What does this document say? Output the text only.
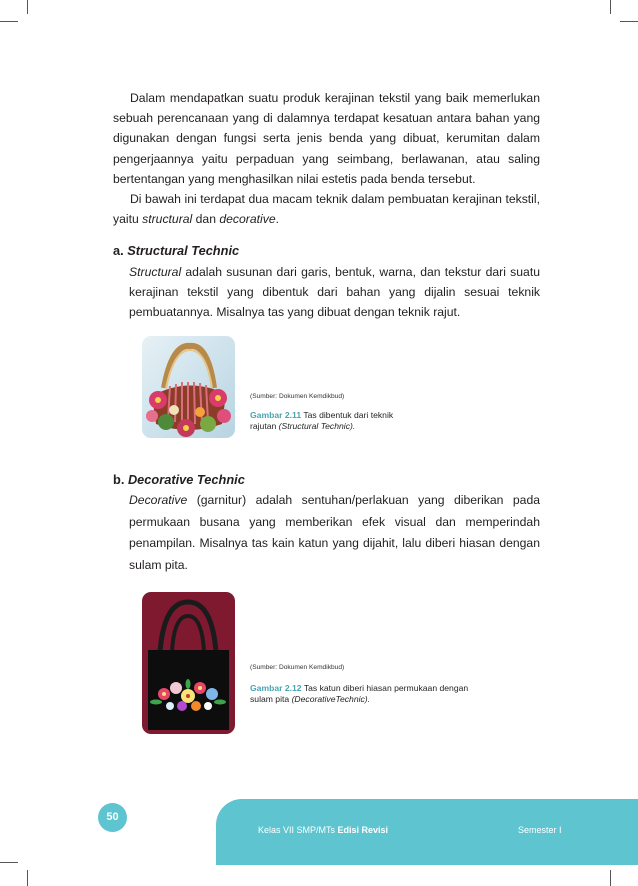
Dalam mendapatkan suatu produk kerajinan tekstil yang baik memerlukan sebuah perencanaan yang di dalamnya terdapat kesatuan antara bahan yang digunakan dengan fungsi serta jenis benda yang dibuat, kerumitan dalam pengerjaannya yaitu perpaduan yang seimbang, berlawanan, atau saling bertentangan yang menghasilkan nilai estetis pada benda tersebut.

Di bawah ini terdapat dua macam teknik dalam pembuatan kerajinan tekstil, yaitu structural dan decorative.

a. Structural Technic

Structural adalah susunan dari garis, bentuk, warna, dan tekstur dari suatu kerajinan tekstil yang dibentuk dari bahan yang dijalin sesuai teknik pembuatannya. Misalnya tas yang dibuat dengan teknik rajut.

(Sumber: Dokumen Kemdikbud)
Gambar 2.11 Tas dibentuk dari teknik rajutan (Structural Technic).

b. Decorative Technic

Decorative (garnitur) adalah sentuhan/perlakuan yang diberikan pada permukaan busana yang memberikan efek visual dan memperindah penampilan. Misalnya tas kain katun yang dijahit, lalu diberi hiasan dengan sulam pita.

(Sumber: Dokumen Kemdikbud)
Gambar 2.12 Tas katun diberi hiasan permukaan dengan sulam pita (DecorativeTechnic).
50
Kelas VII SMP/MTs Edisi Revisi	Semester I
